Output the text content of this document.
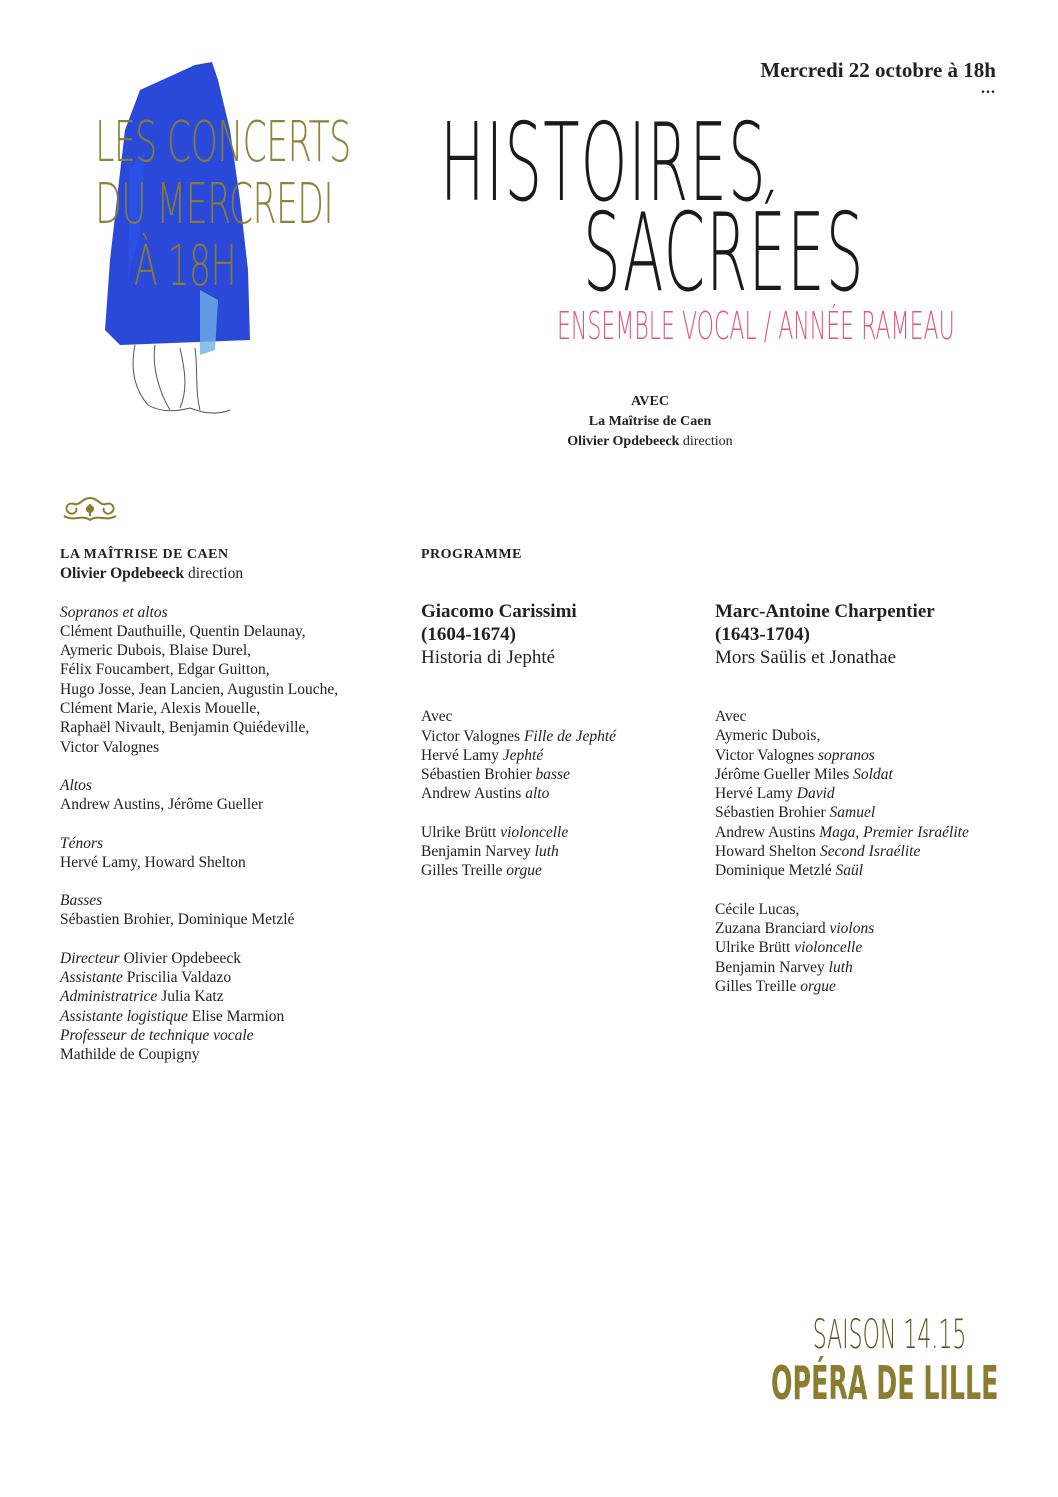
Mercredi 22 octobre à 18h
...
LES CONCERTS
DU MERCREDI
À 18H
HISTOIRES
SACRÉES
ENSEMBLE VOCAL / ANNÉE RAMEAU
AVEC
La Maîtrise de Caen
Olivier Opdebeeck direction
LA MAÎTRISE DE CAEN
Olivier Opdebeeck direction
Sopranos et altos
Clément Dauthuille, Quentin Delaunay,
Aymeric Dubois, Blaise Durel,
Félix Foucambert, Edgar Guitton,
Hugo Josse, Jean Lancien, Augustin Louche,
Clément Marie, Alexis Mouelle,
Raphaël Nivault, Benjamin Quiédeville,
Victor Valognes
Altos
Andrew Austins, Jérôme Gueller
Ténors
Hervé Lamy, Howard Shelton
Basses
Sébastien Brohier, Dominique Metzlé
Directeur Olivier Opdebeeck
Assistante Priscilia Valdazo
Administratrice Julia Katz
Assistante logistique Elise Marmion
Professeur de technique vocale
Mathilde de Coupigny
PROGRAMME
Giacomo Carissimi
(1604-1674)
Historia di Jephté
Avec
Victor Valognes Fille de Jephté
Hervé Lamy Jephté
Sébastien Brohier basse
Andrew Austins alto
Ulrike Brütt violoncelle
Benjamin Narvey luth
Gilles Treille orgue
Marc-Antoine Charpentier
(1643-1704)
Mors Saülis et Jonathae
Avec
Aymeric Dubois,
Victor Valognes sopranos
Jérôme Gueller Miles Soldat
Hervé Lamy David
Sébastien Brohier Samuel
Andrew Austins Maga, Premier Israélite
Howard Shelton Second Israélite
Dominique Metzlé Saül
Cécile Lucas,
Zuzana Branciard violons
Ulrike Brütt violoncelle
Benjamin Narvey luth
Gilles Treille orgue
SAISON 14.15
OPÉRA DE LILLE
